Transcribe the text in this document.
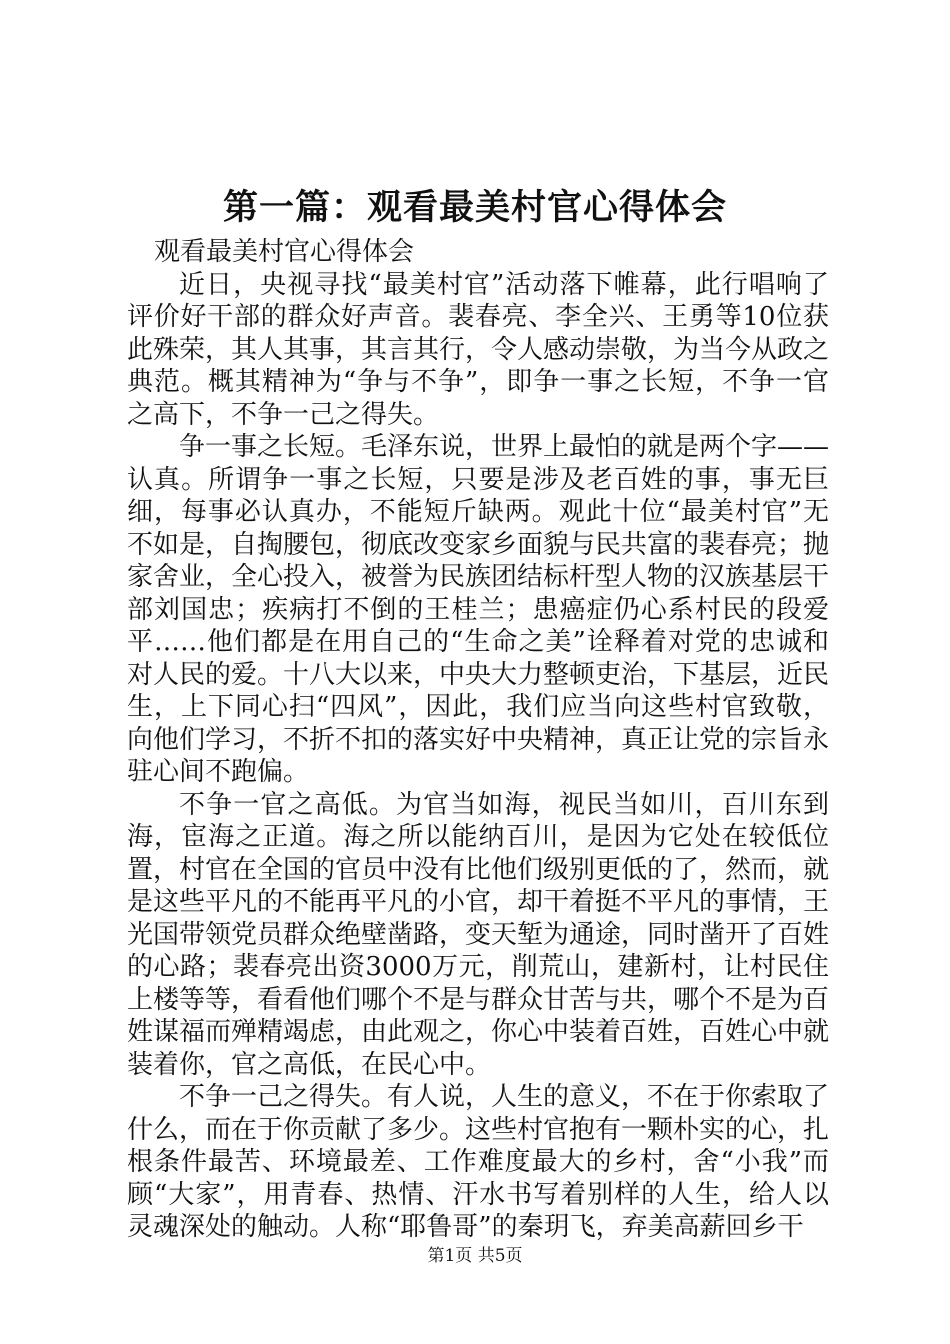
第一篇：观看最美村官心得体会

观看最美村官心得体会

近日，央视寻找“最美村官”活动落下帷幕，此行唱响了评价好干部的群众好声音。裴春亮、李全兴、王勇等10位获此殊荣，其人其事，其言其行，令人感动崇敬，为当今从政之典范。概其精神为“争与不争”，即争一事之长短，不争一官之高下，不争一己之得失。

争一事之长短。毛泽东说，世界上最怕的就是两个字——认真。所谓争一事之长短，只要是涉及老百姓的事，事无巨细，每事必认真办，不能短斤缺两。观此十位“最美村官”无不如是，自掏腰包，彻底改变家乡面貌与民共富的裴春亮；抛家舍业，全心投入，被誉为民族团结标杆型人物的汉族基层干部刘国忠；疾病打不倒的王桂兰；患癌症仍心系村民的段爱平……他们都是在用自己的“生命之美”诠释着对党的忠诚和对人民的爱。十八大以来，中央大力整顿吏治，下基层，近民生，上下同心扫“四风”，因此，我们应当向这些村官致敬，向他们学习，不折不扣的落实好中央精神，真正让党的宗旨永驻心间不跑偏。

不争一官之高低。为官当如海，视民当如川，百川东到海，宦海之正道。海之所以能纳百川，是因为它处在较低位置，村官在全国的官员中没有比他们级别更低的了，然而，就是这些平凡的不能再平凡的小官，却干着挺不平凡的事情，王光国带领党员群众绝壁凿路，变天堑为通途，同时凿开了百姓的心路；裴春亮出资3000万元，削荒山，建新村，让村民住上楼等等，看看他们哪个不是与群众甘苦与共，哪个不是为百姓谋福而殚精竭虑，由此观之，你心中装着百姓，百姓心中就装着你，官之高低，在民心中。

不争一己之得失。有人说，人生的意义，不在于你索取了什么，而在于你贡献了多少。这些村官抱有一颗朴实的心，扎根条件最苦、环境最差、工作难度最大的乡村，舍“小我”而顾“大家”，用青春、热情、汗水书写着别样的人生，给人以灵魂深处的触动。人称“耶鲁哥”的秦玥飞，弃美高薪回乡干

第1页 共5页
